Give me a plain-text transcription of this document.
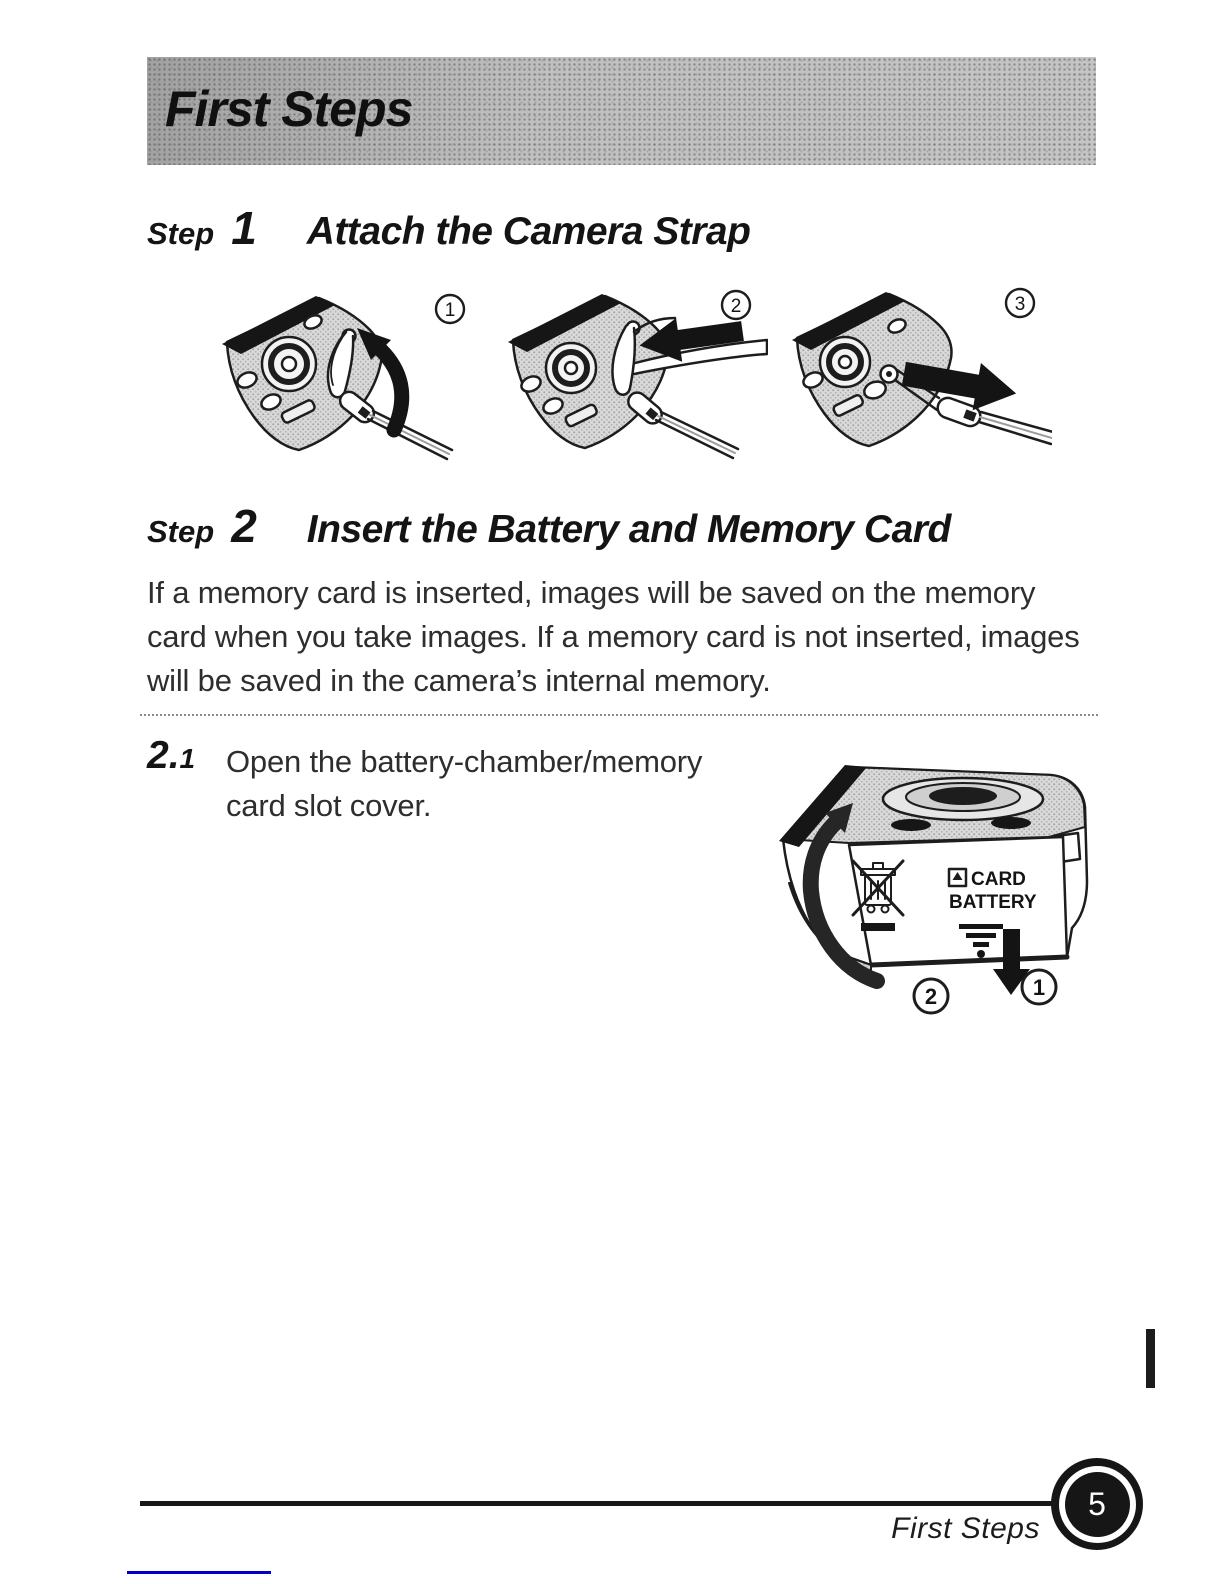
First Steps
Step 1 Attach the Camera Strap
1	2	3
Step 2 Insert the Battery and Memory Card

If a memory card is inserted, images will be saved on the memory card when you take images. If a memory card is not inserted, images will be saved in the camera’s internal memory.

2.1 Open the battery-chamber/memory card slot cover.

CARD
BATTERY
2	1
First Steps
5
